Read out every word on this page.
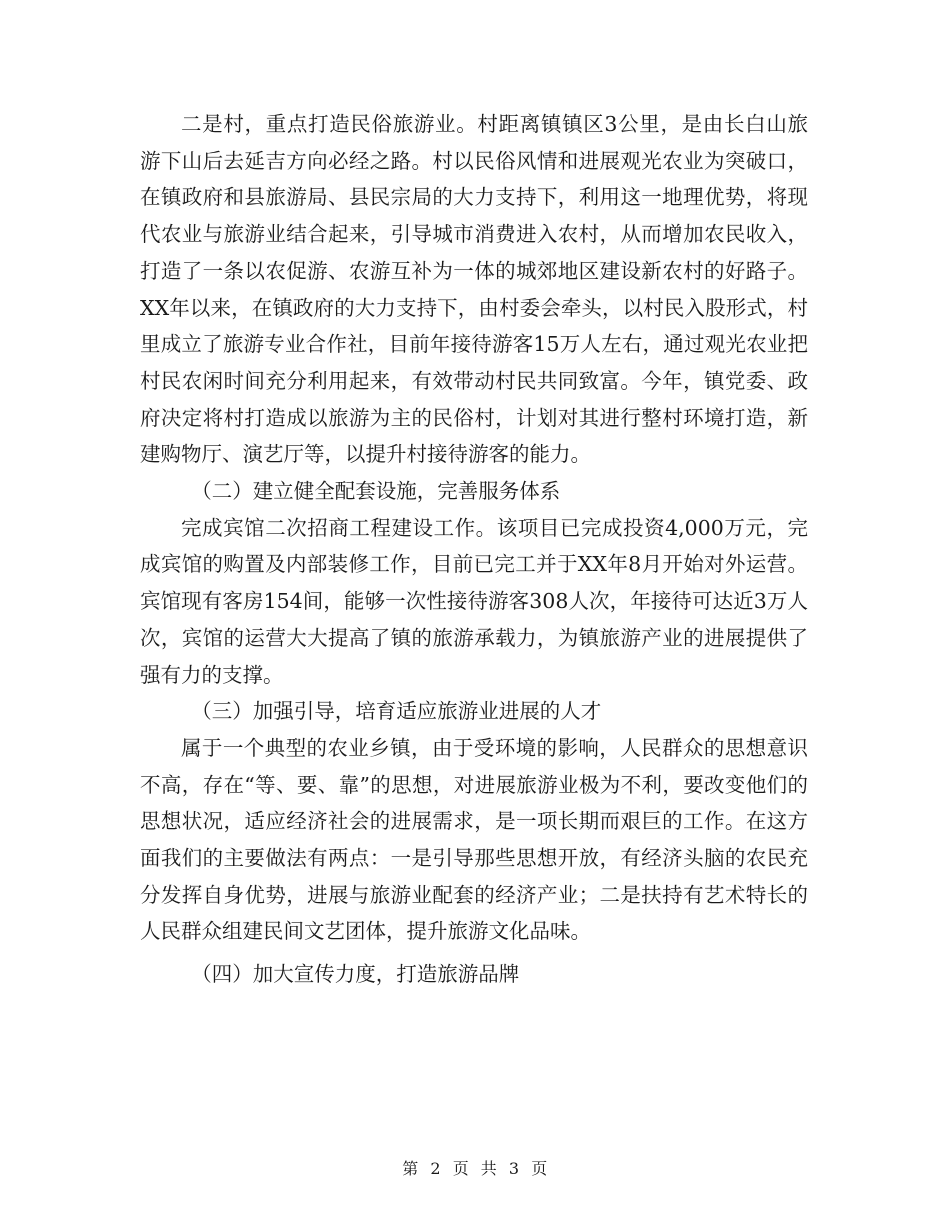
二是村，重点打造民俗旅游业。村距离镇镇区3公里，是由长白山旅游下山后去延吉方向必经之路。村以民俗风情和进展观光农业为突破口，在镇政府和县旅游局、县民宗局的大力支持下，利用这一地理优势，将现代农业与旅游业结合起来，引导城市消费进入农村，从而增加农民收入，打造了一条以农促游、农游互补为一体的城郊地区建设新农村的好路子。XX年以来，在镇政府的大力支持下，由村委会牵头，以村民入股形式，村里成立了旅游专业合作社，目前年接待游客15万人左右，通过观光农业把村民农闲时间充分利用起来，有效带动村民共同致富。今年，镇党委、政府决定将村打造成以旅游为主的民俗村，计划对其进行整村环境打造，新建购物厅、演艺厅等，以提升村接待游客的能力。

（二）建立健全配套设施，完善服务体系

完成宾馆二次招商工程建设工作。该项目已完成投资4,000万元，完成宾馆的购置及内部装修工作，目前已完工并于XX年8月开始对外运营。宾馆现有客房154间，能够一次性接待游客308人次，年接待可达近3万人次，宾馆的运营大大提高了镇的旅游承载力，为镇旅游产业的进展提供了强有力的支撑。

（三）加强引导，培育适应旅游业进展的人才

属于一个典型的农业乡镇，由于受环境的影响，人民群众的思想意识不高，存在“等、要、靠”的思想，对进展旅游业极为不利，要改变他们的思想状况，适应经济社会的进展需求，是一项长期而艰巨的工作。在这方面我们的主要做法有两点：一是引导那些思想开放，有经济头脑的农民充分发挥自身优势，进展与旅游业配套的经济产业；二是扶持有艺术特长的人民群众组建民间文艺团体，提升旅游文化品味。

（四）加大宣传力度，打造旅游品牌

第 2 页 共 3 页
